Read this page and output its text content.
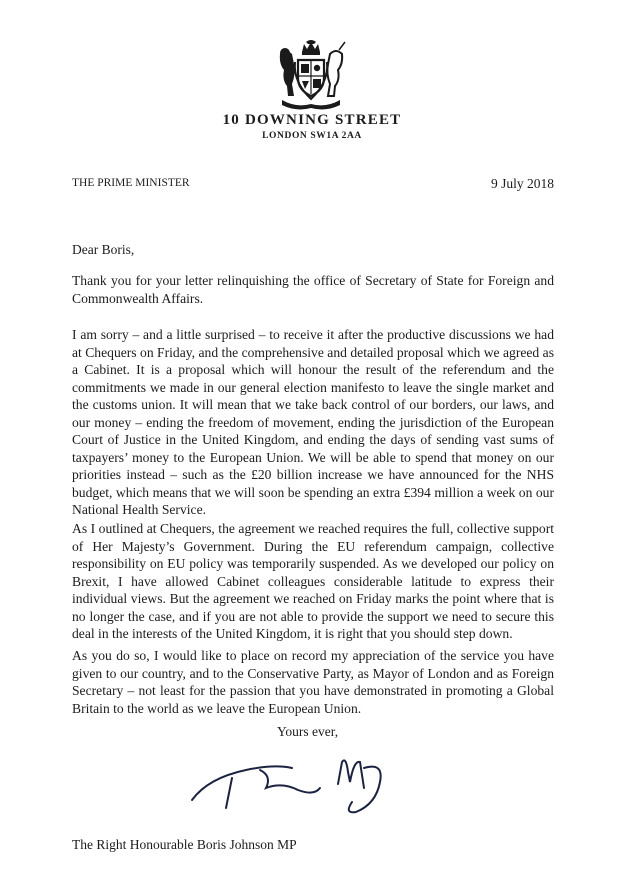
10 DOWNING STREET
LONDON SW1A 2AA
THE PRIME MINISTER	9 July 2018
Dear Boris,

Thank you for your letter relinquishing the office of Secretary of State for Foreign and Commonwealth Affairs.

I am sorry – and a little surprised – to receive it after the productive discussions we had at Chequers on Friday, and the comprehensive and detailed proposal which we agreed as a Cabinet. It is a proposal which will honour the result of the referendum and the commitments we made in our general election manifesto to leave the single market and the customs union. It will mean that we take back control of our borders, our laws, and our money – ending the freedom of movement, ending the jurisdiction of the European Court of Justice in the United Kingdom, and ending the days of sending vast sums of taxpayers’ money to the European Union. We will be able to spend that money on our priorities instead – such as the £20 billion increase we have announced for the NHS budget, which means that we will soon be spending an extra £394 million a week on our National Health Service.

As I outlined at Chequers, the agreement we reached requires the full, collective support of Her Majesty’s Government. During the EU referendum campaign, collective responsibility on EU policy was temporarily suspended. As we developed our policy on Brexit, I have allowed Cabinet colleagues considerable latitude to express their individual views. But the agreement we reached on Friday marks the point where that is no longer the case, and if you are not able to provide the support we need to secure this deal in the interests of the United Kingdom, it is right that you should step down.

As you do so, I would like to place on record my appreciation of the service you have given to our country, and to the Conservative Party, as Mayor of London and as Foreign Secretary – not least for the passion that you have demonstrated in promoting a Global Britain to the world as we leave the European Union.

Yours ever,
The Right Honourable Boris Johnson MP
